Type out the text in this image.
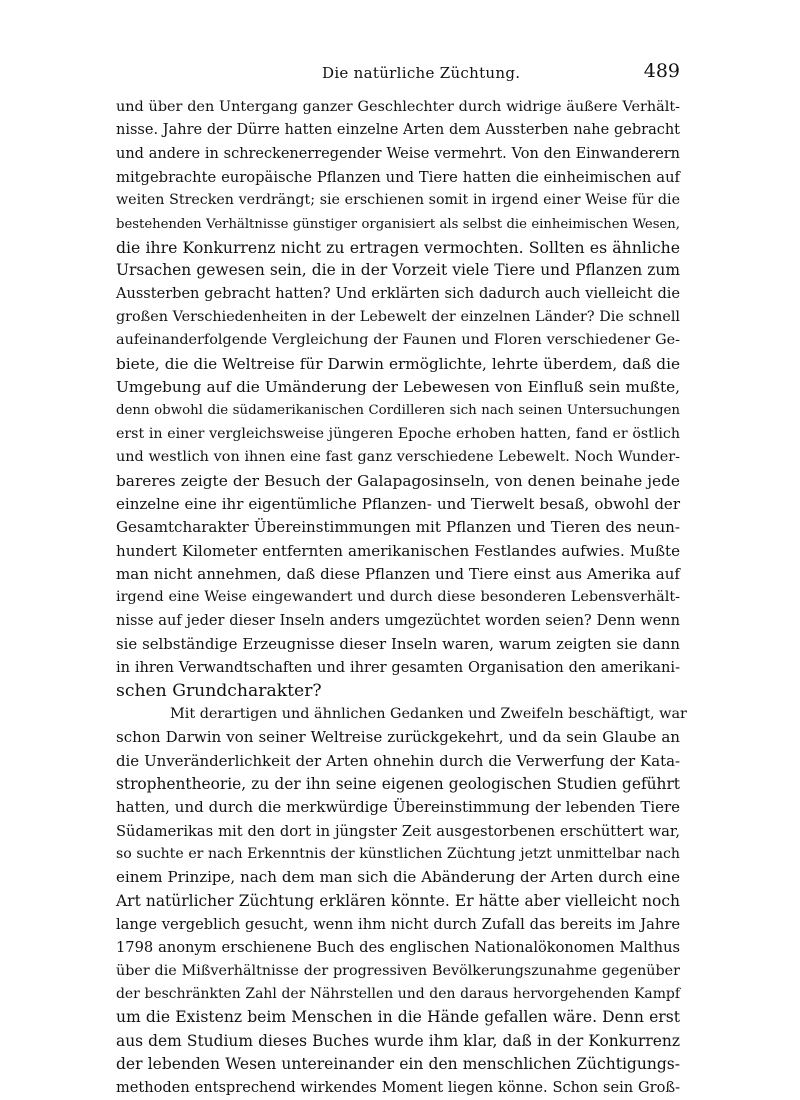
Die natürliche Züchtung.	489
und über den Untergang ganzer Geschlechter durch widrige äußere Verhält-
nisse. Jahre der Dürre hatten einzelne Arten dem Aussterben nahe gebracht
und andere in schreckenerregender Weise vermehrt. Von den Einwanderern
mitgebrachte europäische Pflanzen und Tiere hatten die einheimischen auf
weiten Strecken verdrängt; sie erschienen somit in irgend einer Weise für die
bestehenden Verhältnisse günstiger organisiert als selbst die einheimischen Wesen,
die ihre Konkurrenz nicht zu ertragen vermochten. Sollten es ähnliche
Ursachen gewesen sein, die in der Vorzeit viele Tiere und Pflanzen zum
Aussterben gebracht hatten? Und erklärten sich dadurch auch vielleicht die
großen Verschiedenheiten in der Lebewelt der einzelnen Länder? Die schnell
aufeinanderfolgende Vergleichung der Faunen und Floren verschiedener Ge-
biete, die die Weltreise für Darwin ermöglichte, lehrte überdem, daß die
Umgebung auf die Umänderung der Lebewesen von Einfluß sein mußte,
denn obwohl die südamerikanischen Cordilleren sich nach seinen Untersuchungen
erst in einer vergleichsweise jüngeren Epoche erhoben hatten, fand er östlich
und westlich von ihnen eine fast ganz verschiedene Lebewelt. Noch Wunder-
bareres zeigte der Besuch der Galapagosinseln, von denen beinahe jede
einzelne eine ihr eigentümliche Pflanzen- und Tierwelt besaß, obwohl der
Gesamtcharakter Übereinstimmungen mit Pflanzen und Tieren des neun-
hundert Kilometer entfernten amerikanischen Festlandes aufwies. Mußte
man nicht annehmen, daß diese Pflanzen und Tiere einst aus Amerika auf
irgend eine Weise eingewandert und durch diese besonderen Lebensverhält-
nisse auf jeder dieser Inseln anders umgezüchtet worden seien? Denn wenn
sie selbständige Erzeugnisse dieser Inseln waren, warum zeigten sie dann
in ihren Verwandtschaften und ihrer gesamten Organisation den amerikani-
schen Grundcharakter?
Mit derartigen und ähnlichen Gedanken und Zweifeln beschäftigt, war
schon Darwin von seiner Weltreise zurückgekehrt, und da sein Glaube an
die Unveränderlichkeit der Arten ohnehin durch die Verwerfung der Kata-
strophentheorie, zu der ihn seine eigenen geologischen Studien geführt
hatten, und durch die merkwürdige Übereinstimmung der lebenden Tiere
Südamerikas mit den dort in jüngster Zeit ausgestorbenen erschüttert war,
so suchte er nach Erkenntnis der künstlichen Züchtung jetzt unmittelbar nach
einem Prinzipe, nach dem man sich die Abänderung der Arten durch eine
Art natürlicher Züchtung erklären könnte. Er hätte aber vielleicht noch
lange vergeblich gesucht, wenn ihm nicht durch Zufall das bereits im Jahre
1798 anonym erschienene Buch des englischen Nationalökonomen Malthus
über die Mißverhältnisse der progressiven Bevölkerungszunahme gegenüber
der beschränkten Zahl der Nährstellen und den daraus hervorgehenden Kampf
um die Existenz beim Menschen in die Hände gefallen wäre. Denn erst
aus dem Studium dieses Buches wurde ihm klar, daß in der Konkurrenz
der lebenden Wesen untereinander ein den menschlichen Züchtigungs-
methoden entsprechend wirkendes Moment liegen könne. Schon sein Groß-
